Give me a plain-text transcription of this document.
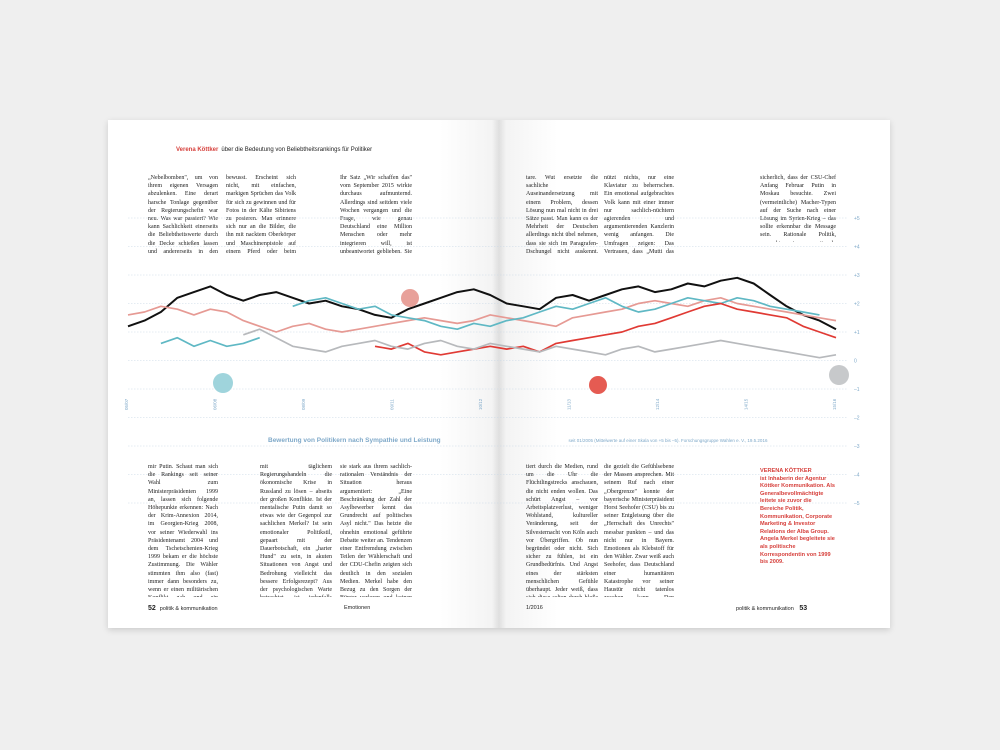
Verena Köttker über die Bedeutung von Beliebtheitsrankings für Politiker

„Nebelbomben", um von ihrem eigenen Versagen abzulenken. Eine derart harsche Tonlage gegenüber der Regierungschefin war neu. Was war passiert? Wie kann Sachlichkeit einerseits die Beliebtheitswerte durch die Decke schießen lassen und andererseits in den

bewusst. Erscheint sich nicht, mit einfachen, markigen Sprüchen das Volk für sich zu gewinnen und für Fotos in der Kälte Sibiriens zu posieren. Man erinnere sich nur an die Bilder, die ihn mit nacktem Oberkörper und Maschinenpistole auf einem Pferd oder beim

Ihr Satz „Wir schaffen das" vom September 2015 wirkte durchaus aufmunternd. Allerdings sind seitdem viele Wochen vergangen und die Frage, wie genau Deutschland eine Million Menschen oder mehr integrieren will, ist unbeantwortet geblieben. Sie

tare. Wut ersetzte die sachliche Auseinandersetzung mit einem Problem, dessen Lösung nun mal nicht in drei Sätze passt. Man kann es der Mehrheit der Deutschen allerdings nicht übel nehmen, dass sie sich im Paragrafen-Dschungel nicht auskennt.

nützt nichts, nur eine Klaviatur zu beherrschen. Ein emotional aufgebrachtes Volk kann mit einer immer nur sachlich-nüchtern agierenden und argumentierenden Kanzlerin wenig anfangen. Die Umfragen zeigen: Das Vertrauen, dass „Mutti das

sicherlich, dass der CSU-Chef Anfang Februar Putin in Moskau besuchte. Zwei (vermeintliche) Macher-Typen auf der Suche nach einer Lösung im Syrien-Krieg – das sollte erkennbar die Message sein. Rationale Politik,

+5
+4
+3
+2
+1
0
–1
–2
–3
–4
–5
05/07	06/08	08/09	09/11	10/12	11/13	12/14	14/15	15/16
Bewertung von Politikern nach Sympathie und Leistung	seit 01/2005 (Mittelwerte auf einer Skala von +5 bis –5). Forschungsgruppe Wahlen e. V., 19.5.2016

mir Putin. Schaut man sich die Rankings seit seiner Wahl zum Ministerpräsidenten 1999 an, lassen sich folgende Höhepunkte erkennen: Nach der Krim-Annexion 2014, im Georgien-Krieg 2008, vor seiner Wiederwahl ins Präsidentenamt 2004 und dem Tschetschenien-Krieg 1999 bekam er die höchste Zustimmung. Die Wähler stimmten ihm also (fast) immer dann besonders zu, wenn er einen militärischen

mit täglichem Regierungshandeln die ökonomische Krise in Russland zu lösen – abseits der großen Konflikte. Ist der mentalische Putin damit so etwas wie der Gegenpol zur sachlichen Merkel? Ist sein emotionaler Politikstil, gepaart mit der Dauerbotschaft, ein „harter Hund" zu sein, in akuten Situationen von Angst und Bedrohung vielleicht das bessere Erfolgsrezept? Aus der psychologischen Warte

sie stark aus ihrem sachlich-rationalen Verständnis der Situation heraus argumentiert: „Eine Beschränkung der Zahl der Asylbewerber kennt das Grundrecht auf politisches Asyl nicht." Das heizte die ohnehin emotional geführte Debatte weiter an. Tendenzen einer Entfremdung zwischen Teilen der Wählerschaft und der CDU-Chefin zeigten sich deutlich in den sozialen Medien. Merkel habe den Bezug zu den Sorgen der

tiert durch die Medien, rund um die Uhr die Flüchtlingstrecks anschauen, die nicht enden wollen. Das schürt Angst – vor Arbeitsplatzverlust, weniger Wohlstand, kultureller Veränderung, seit der Silvesternacht von Köln auch vor Übergriffen. Ob nun begründet oder nicht. Sich sicher zu fühlen, ist ein Grundbedürfnis. Und Angst eines der stärksten menschlichen Gefühle überhaupt. Jeder weiß, dass

die gezielt die Gefühlsebene der Massen ansprechen. Mit seinem Ruf nach einer „Obergrenze" konnte der bayerische Ministerpräsident Horst Seehofer (CSU) bis zu seiner Entgleisung über die „Herrschaft des Unrechts" messbar punkten – und das nicht nur in Bayern. Emotionen als Klebstoff für den Wähler. Zwar weiß auch Seehofer, dass Deutschland einer humanitären Katastrophe vor seiner Haustür nicht tatenlos

VERENA KÖTTKER
ist Inhaberin der Agentur Köttker Kommunikation. Als Generalbevollmächtigte leitete sie zuvor die Bereiche Politik, Kommunikation, Corporate Marketing & Investor Relations der Alba Group. Angela Merkel begleitete sie als politische Korrespondentin von 1999 bis 2009.
52 politik & kommunikation	Emotionen	1/2016	politik & kommunikation 53
